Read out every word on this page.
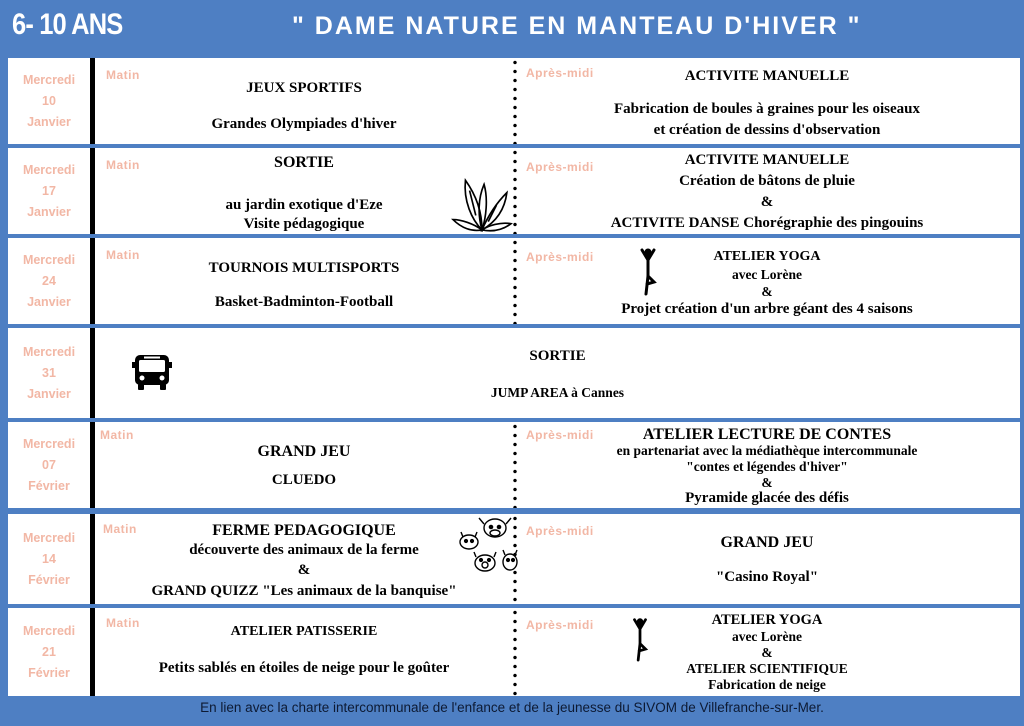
6- 10 ANS	" DAME NATURE EN MANTEAU D'HIVER "
Mercredi
10
Janvier
Matin
JEUX SPORTIFS
Grandes Olympiades d'hiver
Après-midi	ACTIVITE MANUELLE
Fabrication de boules à graines pour les oiseaux
et création de dessins d'observation
Mercredi
17
Janvier
Matin	SORTIE
au jardin exotique d'Eze
Visite pédagogique
Après-midi	ACTIVITE MANUELLE
Création de bâtons de pluie
&
ACTIVITE DANSE Chorégraphie des pingouins
Mercredi
24
Janvier
Matin
TOURNOIS MULTISPORTS
Basket-Badminton-Football
Après-midi	ATELIER YOGA
avec Lorène
&
Projet création d'un arbre géant des 4 saisons
Mercredi
31
Janvier
SORTIE
JUMP AREA à Cannes
Mercredi
07
Février
Matin
GRAND JEU
CLUEDO
Après-midi	ATELIER LECTURE DE CONTES
en partenariat avec la médiathèque intercommunale
"contes et légendes d'hiver"
&
Pyramide glacée des défis
Mercredi
14
Février
Matin	FERME PEDAGOGIQUE
découverte des animaux de la ferme
&
GRAND QUIZZ "Les animaux de la banquise"
Après-midi
GRAND JEU
"Casino Royal"
Mercredi
21
Février
Matin
ATELIER PATISSERIE
Petits sablés en étoiles de neige pour le goûter
Après-midi	ATELIER YOGA
avec Lorène
&
ATELIER SCIENTIFIQUE
Fabrication de neige
En lien avec la charte intercommunale de l'enfance et de la jeunesse du SIVOM de Villefranche-sur-Mer.
